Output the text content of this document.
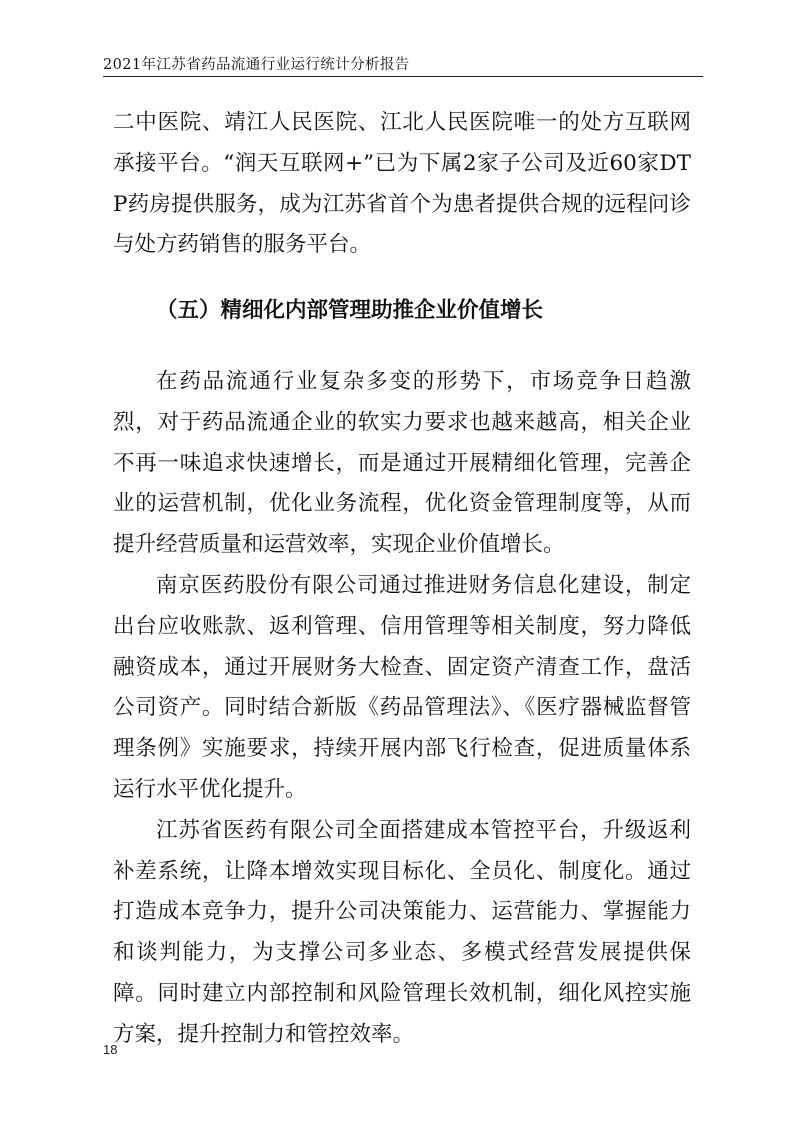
2021年江苏省药品流通行业运行统计分析报告

二中医院、靖江人民医院、江北人民医院唯一的处方互联网承接平台。“润天互联网+”已为下属2家子公司及近60家DTP药房提供服务，成为江苏省首个为患者提供合规的远程问诊与处方药销售的服务平台。

（五）精细化内部管理助推企业价值增长

在药品流通行业复杂多变的形势下，市场竞争日趋激烈，对于药品流通企业的软实力要求也越来越高，相关企业不再一味追求快速增长，而是通过开展精细化管理，完善企业的运营机制，优化业务流程，优化资金管理制度等，从而提升经营质量和运营效率，实现企业价值增长。

南京医药股份有限公司通过推进财务信息化建设，制定出台应收账款、返利管理、信用管理等相关制度，努力降低融资成本，通过开展财务大检查、固定资产清查工作，盘活公司资产。同时结合新版《药品管理法》、《医疗器械监督管理条例》实施要求，持续开展内部飞行检查，促进质量体系运行水平优化提升。

江苏省医药有限公司全面搭建成本管控平台，升级返利补差系统，让降本增效实现目标化、全员化、制度化。通过打造成本竞争力，提升公司决策能力、运营能力、掌握能力和谈判能力，为支撑公司多业态、多模式经营发展提供保障。同时建立内部控制和风险管理长效机制，细化风控实施方案，提升控制力和管控效率。

18
